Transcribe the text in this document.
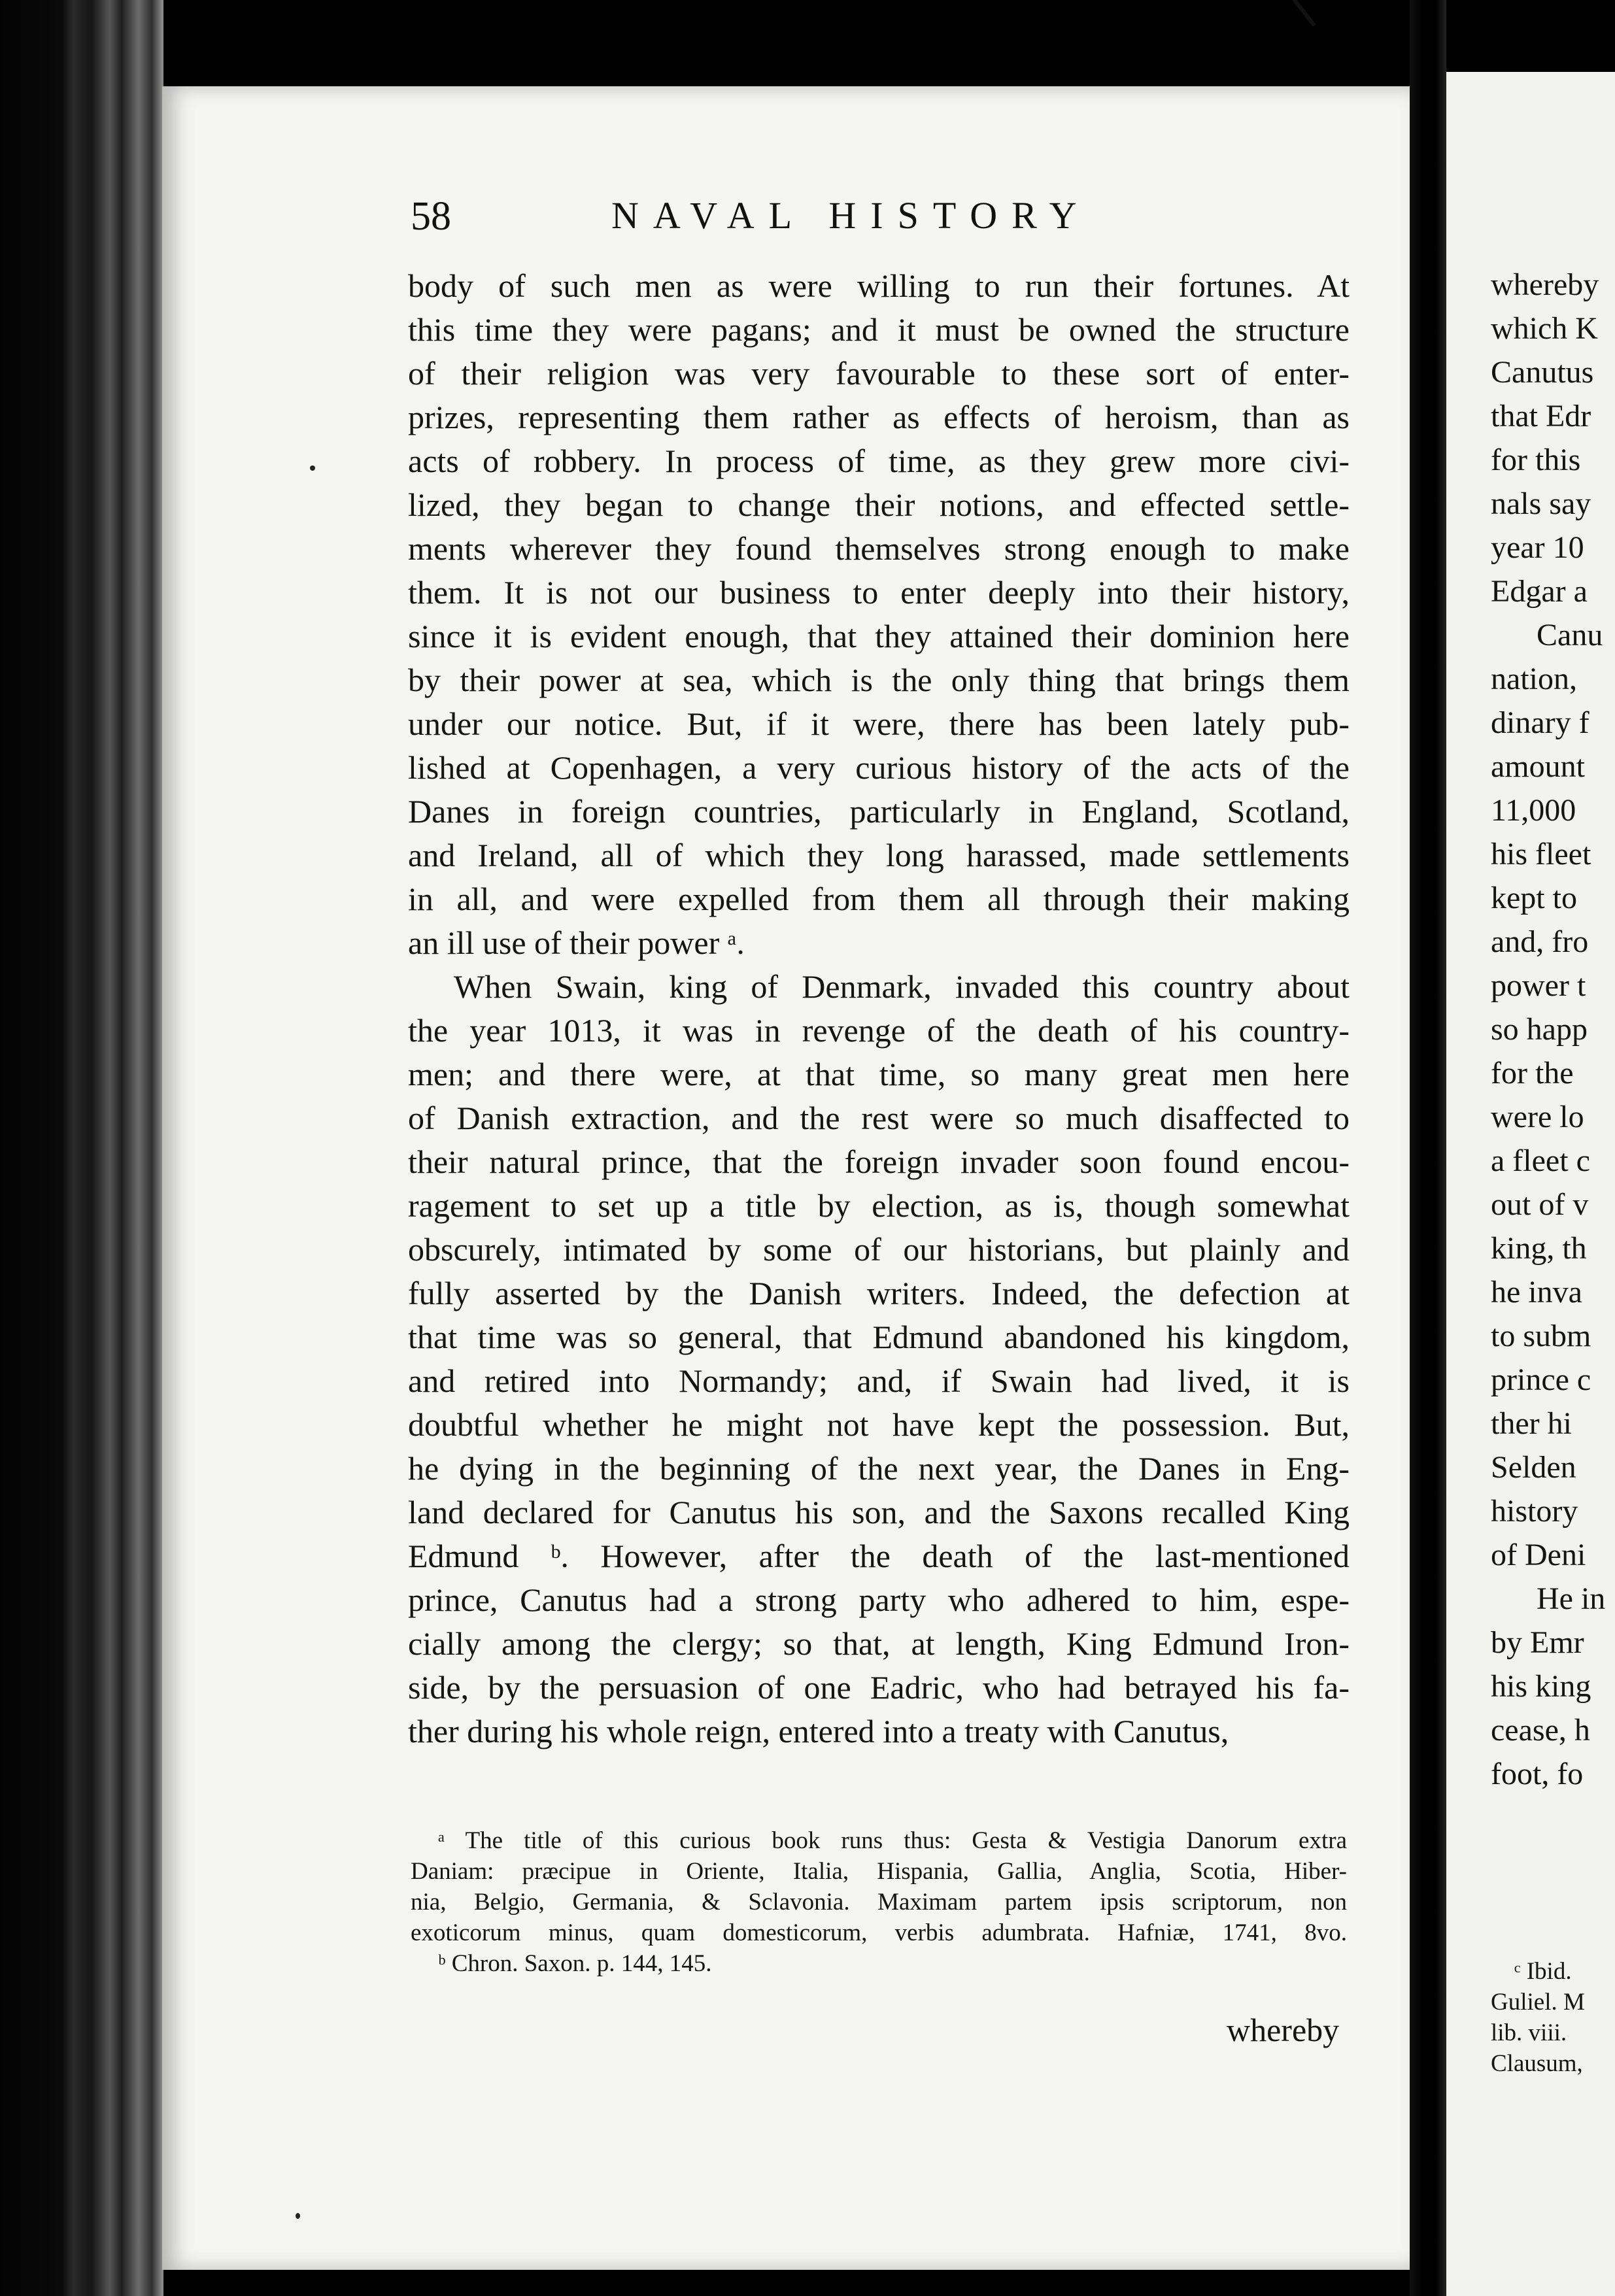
58	NAVAL HISTORY
body of such men as were willing to run their fortunes. At
this time they were pagans; and it must be owned the structure
of their religion was very favourable to these sort of enter-
prizes, representing them rather as effects of heroism, than as
acts of robbery. In process of time, as they grew more civi-
lized, they began to change their notions, and effected settle-
ments wherever they found themselves strong enough to make
them. It is not our business to enter deeply into their history,
since it is evident enough, that they attained their dominion here
by their power at sea, which is the only thing that brings them
under our notice. But, if it were, there has been lately pub-
lished at Copenhagen, a very curious history of the acts of the
Danes in foreign countries, particularly in England, Scotland,
and Ireland, all of which they long harassed, made settlements
in all, and were expelled from them all through their making
an ill use of their power ᵃ.
When Swain, king of Denmark, invaded this country about
the year 1013, it was in revenge of the death of his country-
men; and there were, at that time, so many great men here
of Danish extraction, and the rest were so much disaffected to
their natural prince, that the foreign invader soon found encou-
ragement to set up a title by election, as is, though somewhat
obscurely, intimated by some of our historians, but plainly and
fully asserted by the Danish writers. Indeed, the defection at
that time was so general, that Edmund abandoned his kingdom,
and retired into Normandy; and, if Swain had lived, it is
doubtful whether he might not have kept the possession. But,
he dying in the beginning of the next year, the Danes in Eng-
land declared for Canutus his son, and the Saxons recalled King
Edmund ᵇ. However, after the death of the last-mentioned
prince, Canutus had a strong party who adhered to him, espe-
cially among the clergy; so that, at length, King Edmund Iron-
side, by the persuasion of one Eadric, who had betrayed his fa-
ther during his whole reign, entered into a treaty with Canutus,
ᵃ The title of this curious book runs thus: Gesta & Vestigia Danorum extra
Daniam: præcipue in Oriente, Italia, Hispania, Gallia, Anglia, Scotia, Hiber-
nia, Belgio, Germania, & Sclavonia. Maximam partem ipsis scriptorum, non
exoticorum minus, quam domesticorum, verbis adumbrata. Hafniæ, 1741, 8vo.
ᵇ Chron. Saxon. p. 144, 145.
whereby
whereby
which K
Canutus
that Edr
for this
nals say
year 10
Edgar a
Canu
nation,
dinary f
amount
11,000
his fleet
kept to
and, fro
power t
so happ
for the
were lo
a fleet c
out of v
king, th
he inva
to subm
prince c
ther hi
Selden
history
of Deni
He in
by Emr
his king
cease, h
foot, fo
ᶜ Ibid.
Guliel. M
lib. viii.
Clausum,
